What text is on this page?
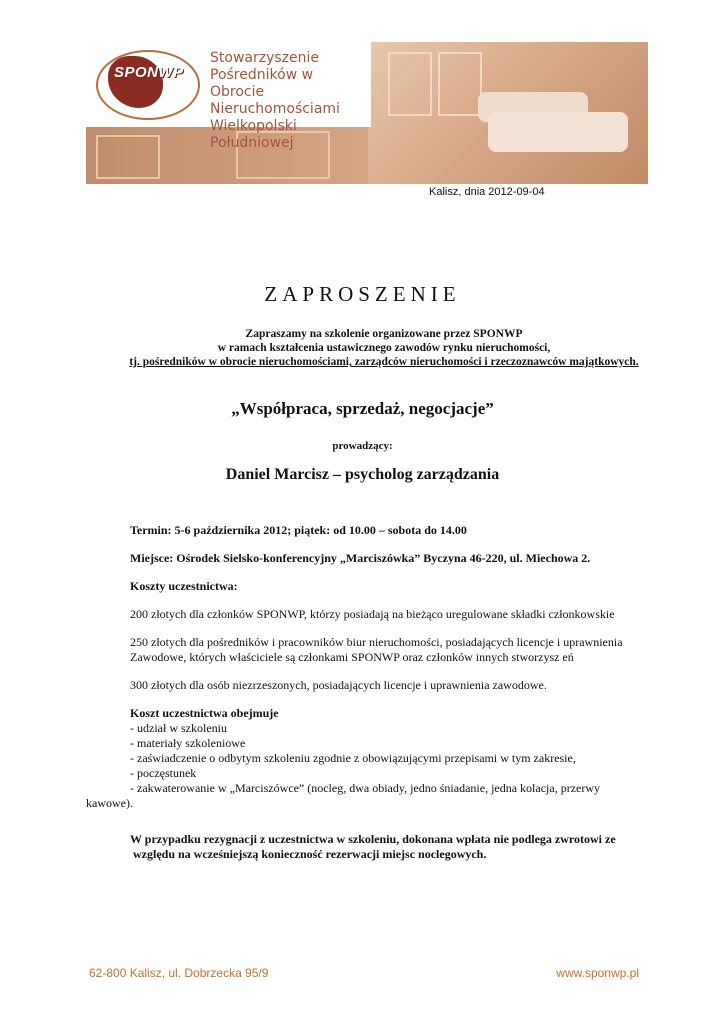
SPONWP
Stowarzyszenie
Pośredników w Obrocie
Nieruchomościami
Wielkopolski Południowej
Kalisz, dnia 2012-09-04
ZAPROSZENIE
Zapraszamy na szkolenie organizowane przez SPONWP
w ramach kształcenia ustawicznego zawodów rynku nieruchomości,
tj. pośredników w obrocie nieruchomościami, zarządców nieruchomości i rzeczoznawców majątkowych.
„Współpraca, sprzedaż, negocjacje”
prowadzący:
Daniel Marcisz – psycholog zarządzania
Termin: 5-6 października 2012; piątek: od 10.00 – sobota do 14.00
Miejsce: Ośrodek Sielsko-konferencyjny „Marciszówka” Byczyna 46-220, ul. Miechowa 2.
Koszty uczestnictwa:
200 złotych dla członków SPONWP, którzy posiadają na bieżąco uregulowane składki członkowskie
250 złotych dla pośredników i pracowników biur nieruchomości, posiadających licencje i uprawnienia
Zawodowe, których właściciele są członkami SPONWP oraz członków innych stworzysz eń
300 złotych dla osób niezrzeszonych, posiadających licencje i uprawnienia zawodowe.
Koszt uczestnictwa obejmuje
- udział w szkoleniu
- materiały szkoleniowe
- zaświadczenie o odbytym szkoleniu zgodnie z obowiązującymi przepisami w tym zakresie,
- poczęstunek
- zakwaterowanie w „Marciszówce” (nocleg, dwa obiady, jedno śniadanie, jedna kolacja, przerwy
kawowe).
W przypadku rezygnacji z uczestnictwa w szkoleniu, dokonana wpłata nie podlega zwrotowi ze
względu na wcześniejszą konieczność rezerwacji miejsc noclegowych.
62-800 Kalisz, ul. Dobrzecka 95/9	www.sponwp.pl
